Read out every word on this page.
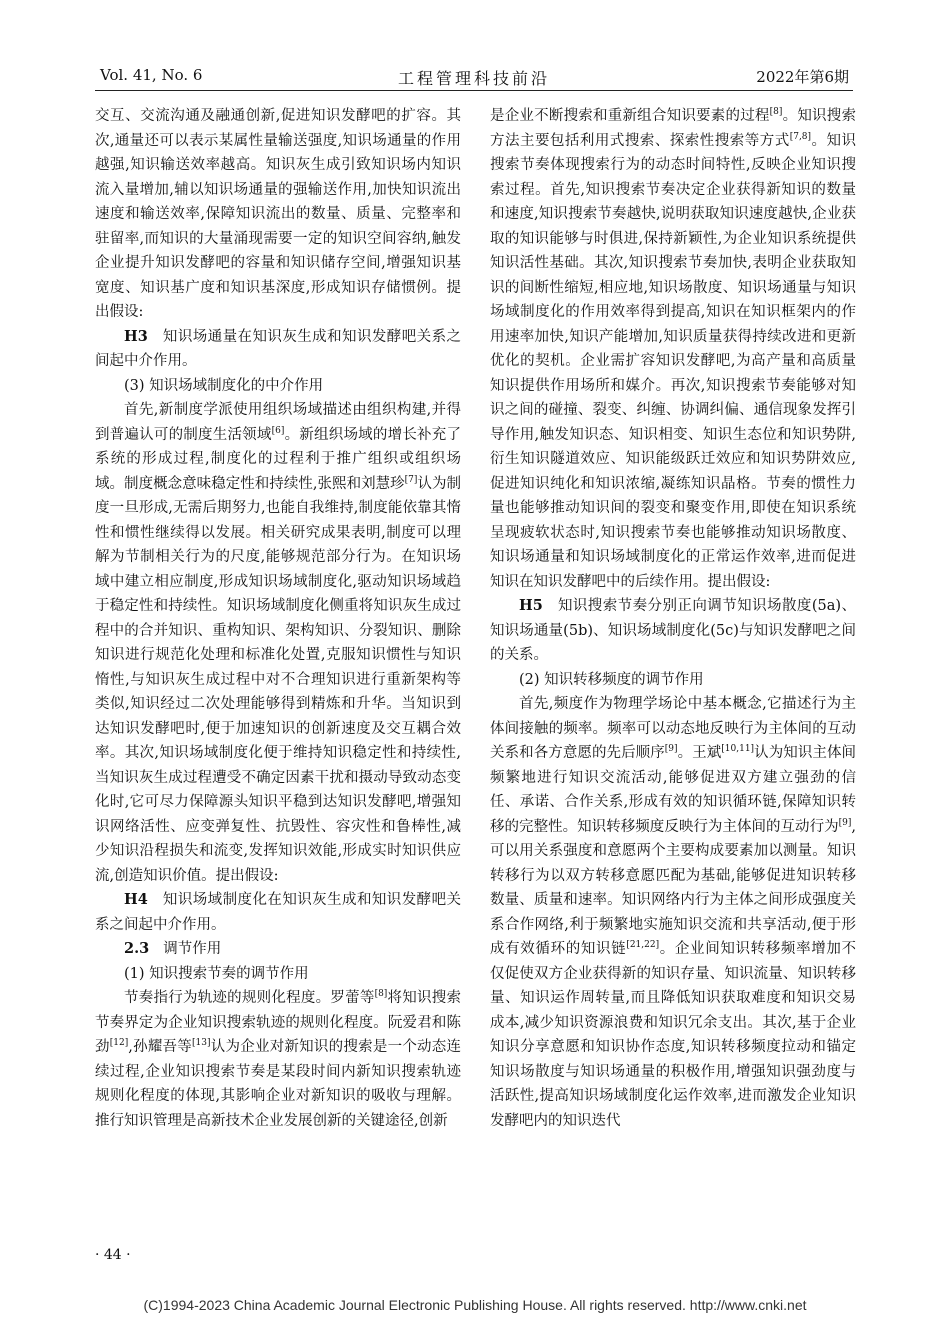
Vol. 41, No. 6	工程管理科技前沿	2022年第6期

交互、交流沟通及融通创新,促进知识发酵吧的扩容。其次,通量还可以表示某属性量输送强度,知识场通量的作用越强,知识输送效率越高。知识灰生成引致知识场内知识流入量增加,辅以知识场通量的强输送作用,加快知识流出速度和输送效率,保障知识流出的数量、质量、完整率和驻留率,而知识的大量涌现需要一定的知识空间容纳,触发企业提升知识发酵吧的容量和知识储存空间,增强知识基宽度、知识基广度和知识基深度,形成知识存储惯例。提出假设:

H3 知识场通量在知识灰生成和知识发酵吧关系之间起中介作用。

(3) 知识场域制度化的中介作用

首先,新制度学派使用组织场域描述由组织构建,并得到普遍认可的制度生活领域[6]。新组织场域的增长补充了系统的形成过程,制度化的过程利于推广组织或组织场域。制度概念意味稳定性和持续性,张熙和刘慧珍[7]认为制度一旦形成,无需后期努力,也能自我维持,制度能依靠其惰性和惯性继续得以发展。相关研究成果表明,制度可以理解为节制相关行为的尺度,能够规范部分行为。在知识场域中建立相应制度,形成知识场域制度化,驱动知识场域趋于稳定性和持续性。知识场域制度化侧重将知识灰生成过程中的合并知识、重构知识、架构知识、分裂知识、删除知识进行规范化处理和标准化处置,克服知识惯性与知识惰性,与知识灰生成过程中对不合理知识进行重新架构等类似,知识经过二次处理能够得到精炼和升华。当知识到达知识发酵吧时,便于加速知识的创新速度及交互耦合效率。其次,知识场域制度化便于维持知识稳定性和持续性,当知识灰生成过程遭受不确定因素干扰和摄动导致动态变化时,它可尽力保障源头知识平稳到达知识发酵吧,增强知识网络活性、应变弹复性、抗毁性、容灾性和鲁棒性,减少知识沿程损失和流变,发挥知识效能,形成实时知识供应流,创造知识价值。提出假设:

H4 知识场域制度化在知识灰生成和知识发酵吧关系之间起中介作用。

2.3 调节作用

(1) 知识搜索节奏的调节作用

节奏指行为轨迹的规则化程度。罗蕾等[8]将知识搜索节奏界定为企业知识搜索轨迹的规则化程度。阮爱君和陈劲[12],孙耀吾等[13]认为企业对新知识的搜索是一个动态连续过程,企业知识搜索节奏是某段时间内新知识搜索轨迹规则化程度的体现,其影响企业对新知识的吸收与理解。推行知识管理是高新技术企业发展创新的关键途径,创新

是企业不断搜索和重新组合知识要素的过程[8]。知识搜索方法主要包括利用式搜索、探索性搜索等方式[7,8]。知识搜索节奏体现搜索行为的动态时间特性,反映企业知识搜索过程。首先,知识搜索节奏决定企业获得新知识的数量和速度,知识搜索节奏越快,说明获取知识速度越快,企业获取的知识能够与时俱进,保持新颖性,为企业知识系统提供知识活性基础。其次,知识搜索节奏加快,表明企业获取知识的间断性缩短,相应地,知识场散度、知识场通量与知识场域制度化的作用效率得到提高,知识在知识框架内的作用速率加快,知识产能增加,知识质量获得持续改进和更新优化的契机。企业需扩容知识发酵吧,为高产量和高质量知识提供作用场所和媒介。再次,知识搜索节奏能够对知识之间的碰撞、裂变、纠缠、协调纠偏、通信现象发挥引导作用,触发知识态、知识相变、知识生态位和知识势阱,衍生知识隧道效应、知识能级跃迁效应和知识势阱效应,促进知识纯化和知识浓缩,凝练知识晶格。节奏的惯性力量也能够推动知识间的裂变和聚变作用,即使在知识系统呈现疲软状态时,知识搜索节奏也能够推动知识场散度、知识场通量和知识场域制度化的正常运作效率,进而促进知识在知识发酵吧中的后续作用。提出假设:

H5 知识搜索节奏分别正向调节知识场散度(5a)、知识场通量(5b)、知识场域制度化(5c)与知识发酵吧之间的关系。

(2) 知识转移频度的调节作用

首先,频度作为物理学场论中基本概念,它描述行为主体间接触的频率。频率可以动态地反映行为主体间的互动关系和各方意愿的先后顺序[9]。王斌[10,11]认为知识主体间频繁地进行知识交流活动,能够促进双方建立强劲的信任、承诺、合作关系,形成有效的知识循环链,保障知识转移的完整性。知识转移频度反映行为主体间的互动行为[9],可以用关系强度和意愿两个主要构成要素加以测量。知识转移行为以双方转移意愿匹配为基础,能够促进知识转移数量、质量和速率。知识网络内行为主体之间形成强度关系合作网络,利于频繁地实施知识交流和共享活动,便于形成有效循环的知识链[21,22]。企业间知识转移频率增加不仅促使双方企业获得新的知识存量、知识流量、知识转移量、知识运作周转量,而且降低知识获取难度和知识交易成本,减少知识资源浪费和知识冗余支出。其次,基于企业知识分享意愿和知识协作态度,知识转移频度拉动和锚定知识场散度与知识场通量的积极作用,增强知识强劲度与活跃性,提高知识场域制度化运作效率,进而激发企业知识发酵吧内的知识迭代

· 44 ·
(C)1994-2023 China Academic Journal Electronic Publishing House. All rights reserved. http://www.cnki.net
